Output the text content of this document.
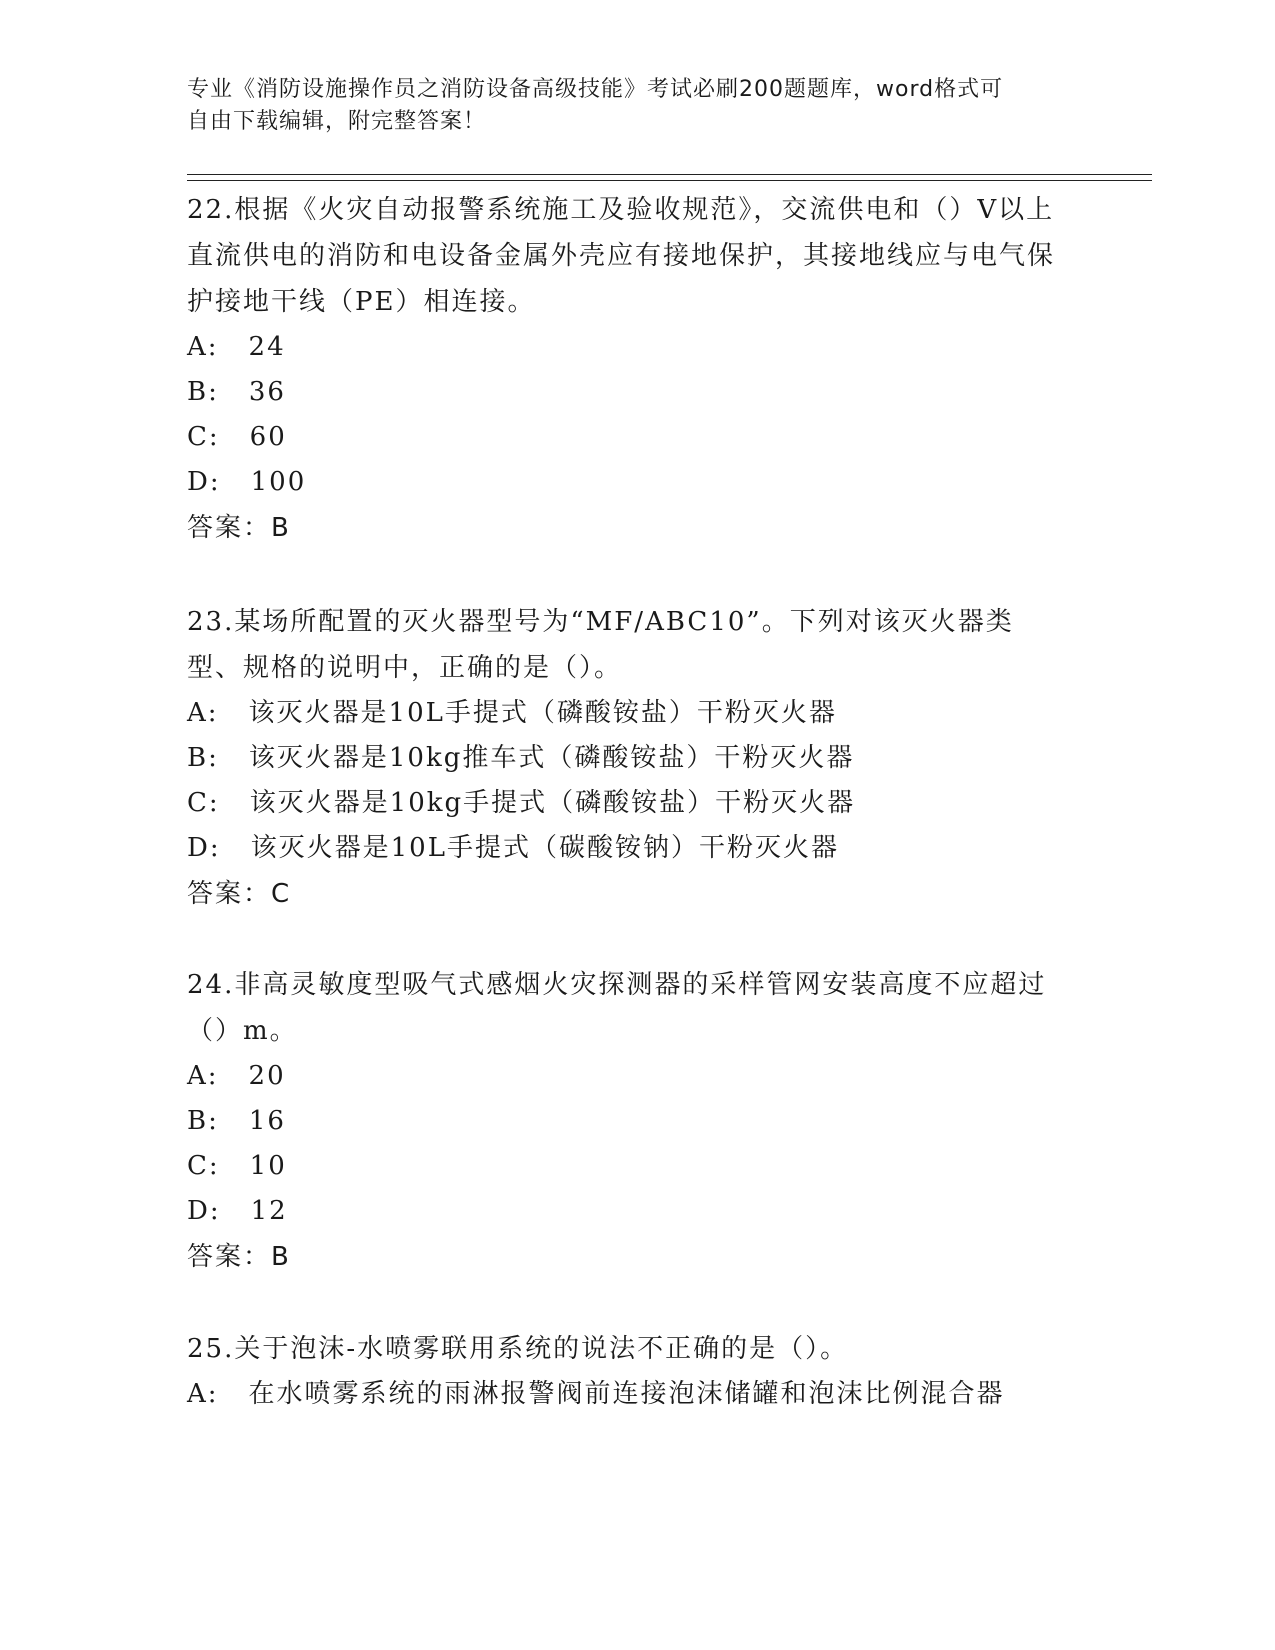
专业《消防设施操作员之消防设备高级技能》考试必刷200题题库，word格式可
自由下载编辑，附完整答案！
22.根据《火灾自动报警系统施工及验收规范》，交流供电和（）V以上直流供电的消防和电设备金属外壳应有接地保护，其接地线应与电气保护接地干线（PE）相连接。
A: 24
B: 36
C: 60
D: 100
答案：B
23.某场所配置的灭火器型号为“MF/ABC10”。下列对该灭火器类型、规格的说明中，正确的是（）。
A: 该灭火器是10L手提式（磷酸铵盐）干粉灭火器
B: 该灭火器是10kg推车式（磷酸铵盐）干粉灭火器
C: 该灭火器是10kg手提式（磷酸铵盐）干粉灭火器
D: 该灭火器是10L手提式（碳酸铵钠）干粉灭火器
答案：C
24.非高灵敏度型吸气式感烟火灾探测器的采样管网安装高度不应超过（）m。
A: 20
B: 16
C: 10
D: 12
答案：B
25.关于泡沫-水喷雾联用系统的说法不正确的是（）。
A: 在水喷雾系统的雨淋报警阀前连接泡沫储罐和泡沫比例混合器
